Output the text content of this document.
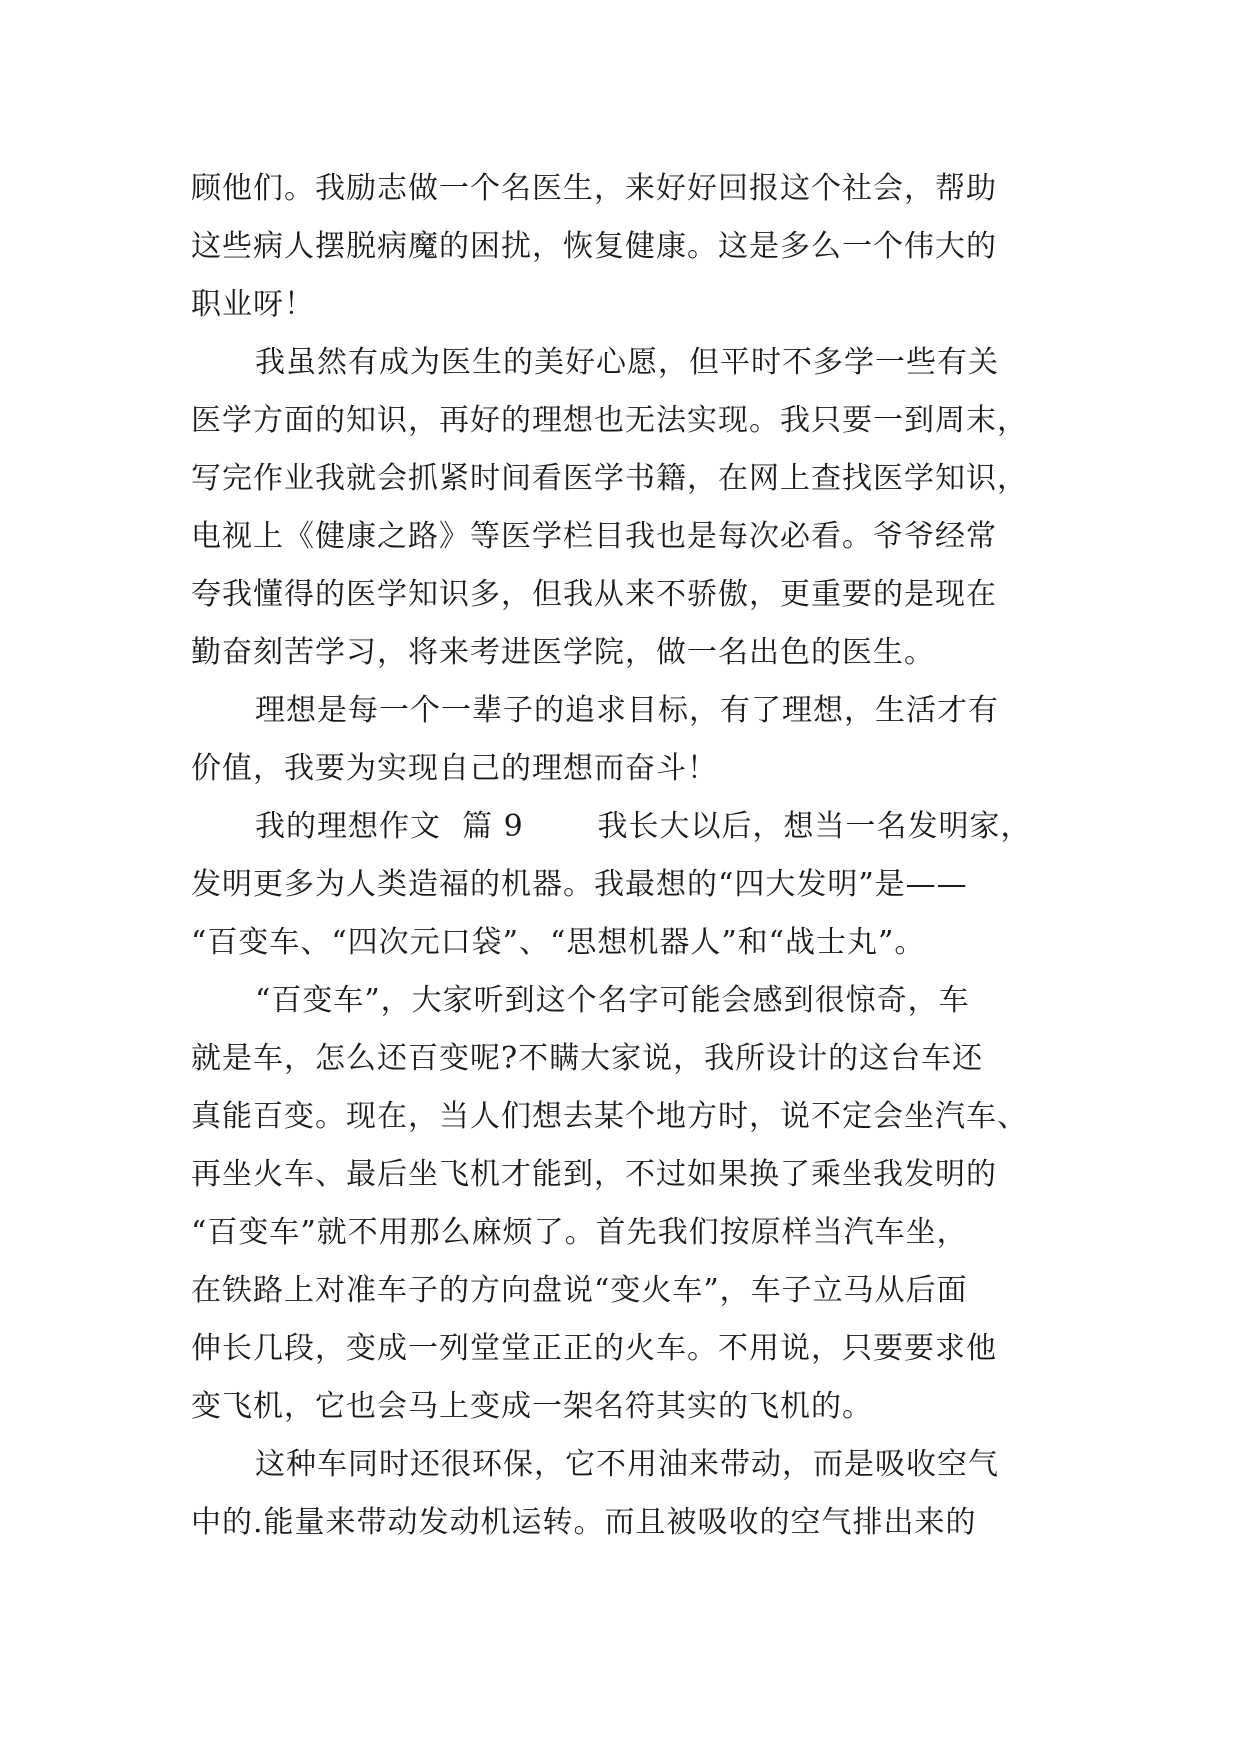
顾他们。我励志做一个名医生，来好好回报这个社会，帮助
这些病人摆脱病魔的困扰，恢复健康。这是多么一个伟大的
职业呀！
我虽然有成为医生的美好心愿，但平时不多学一些有关
医学方面的知识，再好的理想也无法实现。我只要一到周末，
写完作业我就会抓紧时间看医学书籍，在网上查找医学知识，
电视上《健康之路》等医学栏目我也是每次必看。爷爷经常
夸我懂得的医学知识多，但我从来不骄傲，更重要的是现在
勤奋刻苦学习，将来考进医学院，做一名出色的医生。
理想是每一个一辈子的追求目标，有了理想，生活才有
价值，我要为实现自己的理想而奋斗！
我的理想作文  篇 9       我长大以后，想当一名发明家，
发明更多为人类造福的机器。我最想的“四大发明”是——
“百变车、“四次元口袋”、“思想机器人”和“战士丸”。
“百变车”，大家听到这个名字可能会感到很惊奇，车
就是车，怎么还百变呢?不瞒大家说，我所设计的这台车还
真能百变。现在，当人们想去某个地方时，说不定会坐汽车、
再坐火车、最后坐飞机才能到，不过如果换了乘坐我发明的
“百变车”就不用那么麻烦了。首先我们按原样当汽车坐，
在铁路上对准车子的方向盘说“变火车”，车子立马从后面
伸长几段，变成一列堂堂正正的火车。不用说，只要要求他
变飞机，它也会马上变成一架名符其实的飞机的。
这种车同时还很环保，它不用油来带动，而是吸收空气
中的.能量来带动发动机运转。而且被吸收的空气排出来的
